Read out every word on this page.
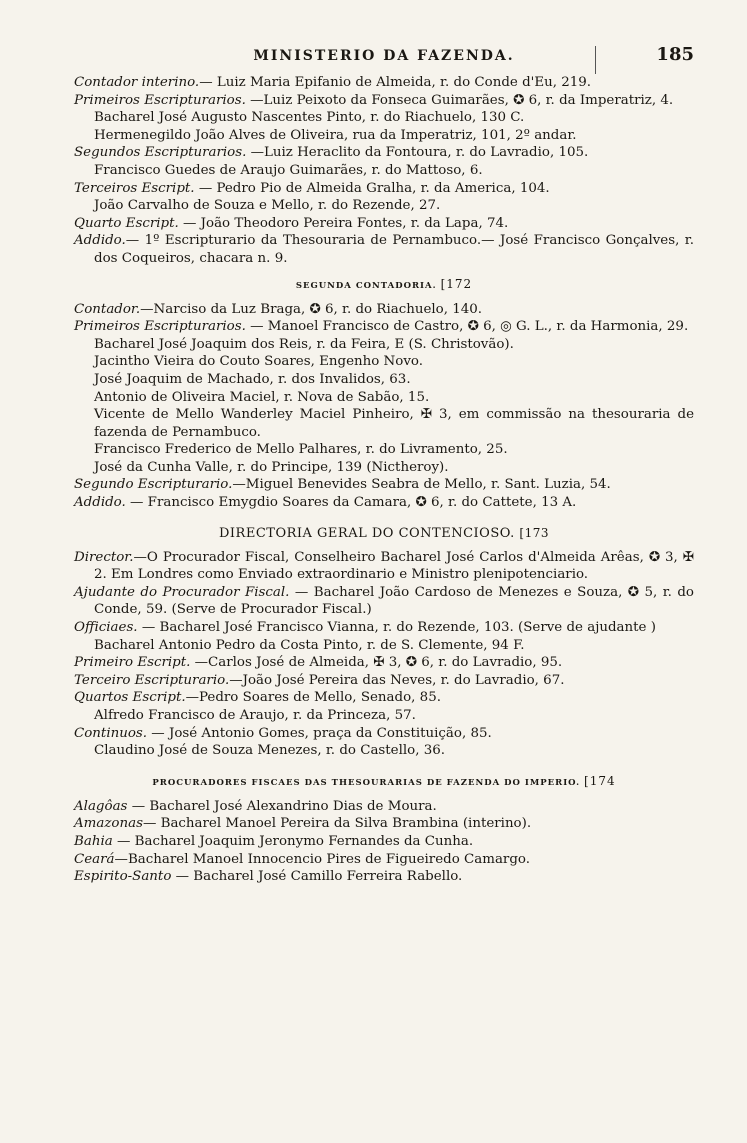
MINISTERIO DA FAZENDA.	185
Contador interino.— Luiz Maria Epifanio de Almeida, r. do Conde d'Eu, 219.
Primeiros Escripturarios. —Luiz Peixoto da Fonseca Guimarães, ✪ 6, r. da Imperatriz, 4.
Bacharel José Augusto Nascentes Pinto, r. do Riachuelo, 130 C.
Hermenegildo João Alves de Oliveira, rua da Imperatriz, 101, 2º andar.
Segundos Escripturarios. —Luiz Heraclito da Fontoura, r. do Lavradio, 105.
Francisco Guedes de Araujo Guimarães, r. do Mattoso, 6.
Terceiros Escript. — Pedro Pio de Almeida Gralha, r. da America, 104.
João Carvalho de Souza e Mello, r. do Rezende, 27.
Quarto Escript. — João Theodoro Pereira Fontes, r. da Lapa, 74.
Addido.— 1º Escripturario da Thesouraria de Pernambuco.— José Francisco Gonçalves, r. dos Coqueiros, chacara n. 9.
SEGUNDA CONTADORIA. [172
Contador.—Narciso da Luz Braga, ✪ 6, r. do Riachuelo, 140.
Primeiros Escripturarios. — Manoel Francisco de Castro, ✪ 6, ◎ G. L., r. da Harmonia, 29.
Bacharel José Joaquim dos Reis, r. da Feira, E (S. Christovão).
Jacintho Vieira do Couto Soares, Engenho Novo.
José Joaquim de Machado, r. dos Invalidos, 63.
Antonio de Oliveira Maciel, r. Nova de Sabão, 15.
Vicente de Mello Wanderley Maciel Pinheiro, ✠ 3, em commissão na thesouraria de fazenda de Pernambuco.
Francisco Frederico de Mello Palhares, r. do Livramento, 25.
José da Cunha Valle, r. do Principe, 139 (Nictheroy).
Segundo Escripturario.—Miguel Benevides Seabra de Mello, r. Sant. Luzia, 54.
Addido. — Francisco Emygdio Soares da Camara, ✪ 6, r. do Cattete, 13 A.
DIRECTORIA GERAL DO CONTENCIOSO. [173
Director.—O Procurador Fiscal, Conselheiro Bacharel José Carlos d'Almeida Arêas, ✪ 3, ✠ 2. Em Londres como Enviado extraordinario e Ministro plenipotenciario.
Ajudante do Procurador Fiscal. — Bacharel João Cardoso de Menezes e Souza, ✪ 5, r. do Conde, 59. (Serve de Procurador Fiscal.)
Officiaes. — Bacharel José Francisco Vianna, r. do Rezende, 103. (Serve de ajudante )
Bacharel Antonio Pedro da Costa Pinto, r. de S. Clemente, 94 F.
Primeiro Escript. —Carlos José de Almeida, ✠ 3, ✪ 6, r. do Lavradio, 95.
Terceiro Escripturario.—João José Pereira das Neves, r. do Lavradio, 67.
Quartos Escript.—Pedro Soares de Mello, Senado, 85.
Alfredo Francisco de Araujo, r. da Princeza, 57.
Continuos. — José Antonio Gomes, praça da Constituição, 85.
Claudino José de Souza Menezes, r. do Castello, 36.
PROCURADORES FISCAES DAS THESOURARIAS DE FAZENDA DO IMPERIO. [174
Alagôas — Bacharel José Alexandrino Dias de Moura.
Amazonas— Bacharel Manoel Pereira da Silva Brambina (interino).
Bahia — Bacharel Joaquim Jeronymo Fernandes da Cunha.
Ceará—Bacharel Manoel Innocencio Pires de Figueiredo Camargo.
Espirito-Santo — Bacharel José Camillo Ferreira Rabello.
